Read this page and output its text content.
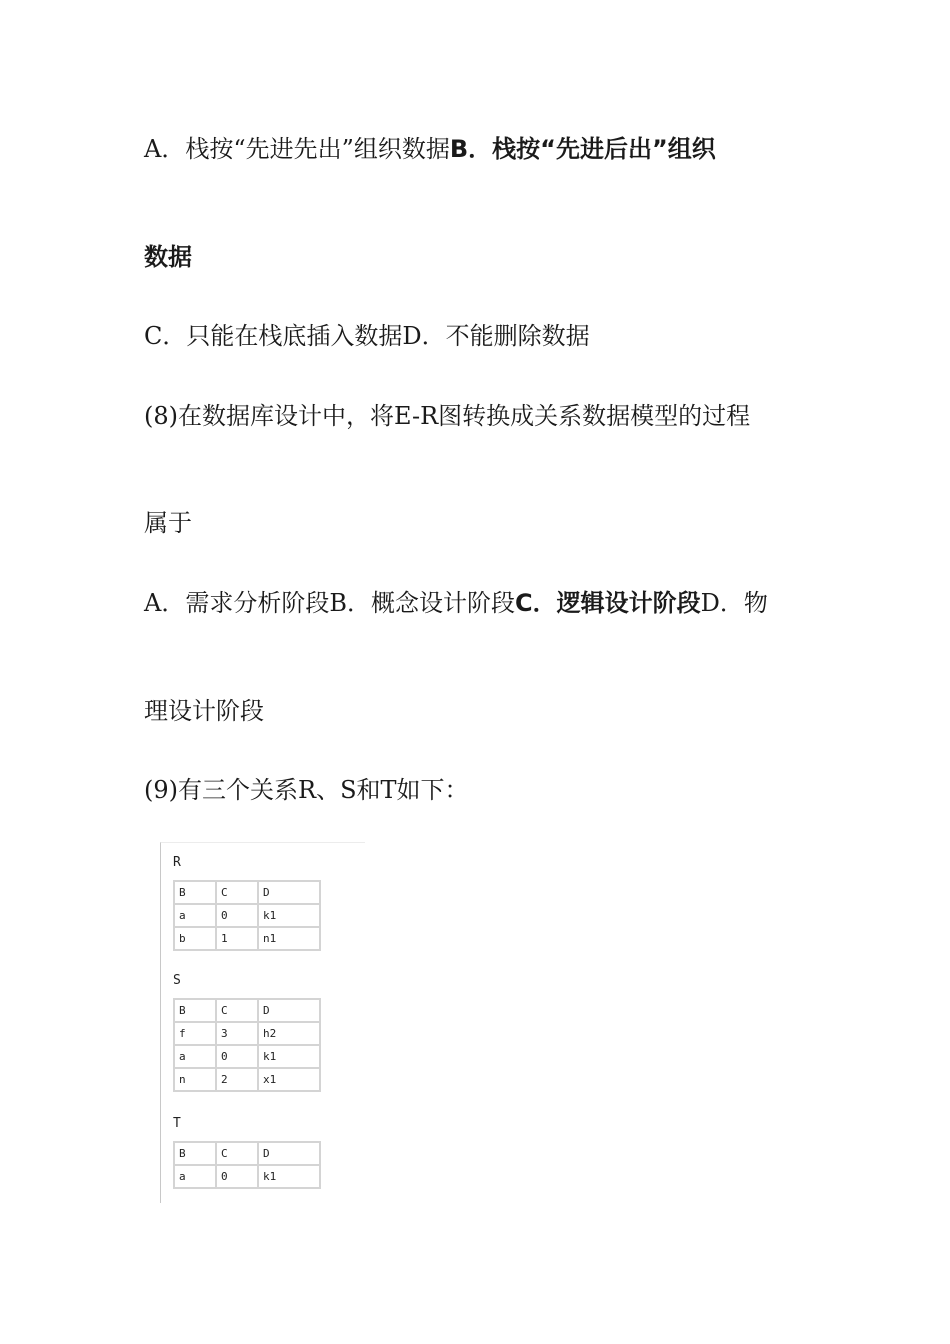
A．栈按“先进先出”组织数据B．栈按“先进后出”组织
数据
C．只能在栈底插入数据D．不能删除数据
(8)在数据库设计中，将E-R图转换成关系数据模型的过程
属于
A．需求分析阶段B．概念设计阶段C．逻辑设计阶段D．物
理设计阶段
(9)有三个关系R、S和T如下：
R
B	C	D
a	0	k1
b	1	n1
S
B	C	D
f	3	h2
a	0	k1
n	2	x1
T
B	C	D
a	0	k1
